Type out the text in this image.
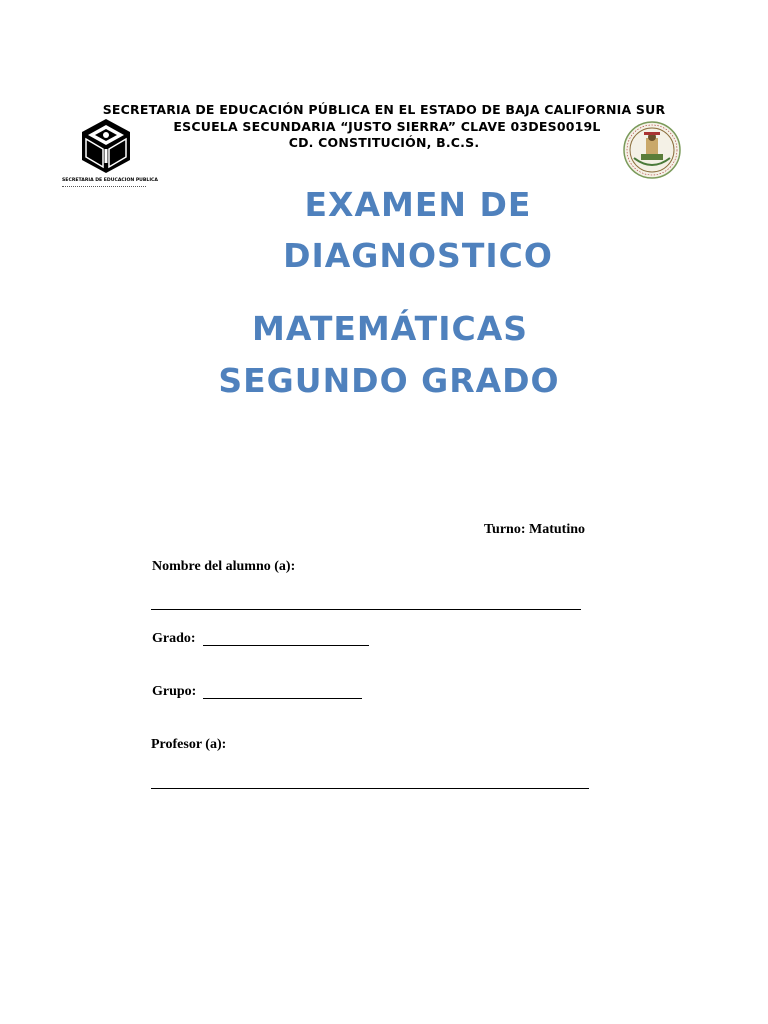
SECRETARIA DE EDUCACION PUBLICA
SECRETARIA DE EDUCACIÓN PÚBLICA EN EL ESTADO DE BAJA CALIFORNIA SUR
ESCUELA SECUNDARIA “JUSTO SIERRA” CLAVE 03DES0019L
CD. CONSTITUCIÓN, B.C.S.
EXAMEN DE
DIAGNOSTICO
MATEMÁTICAS
SEGUNDO GRADO
Turno: Matutino
Nombre del alumno (a):
Grado:
Grupo:
Profesor (a):
